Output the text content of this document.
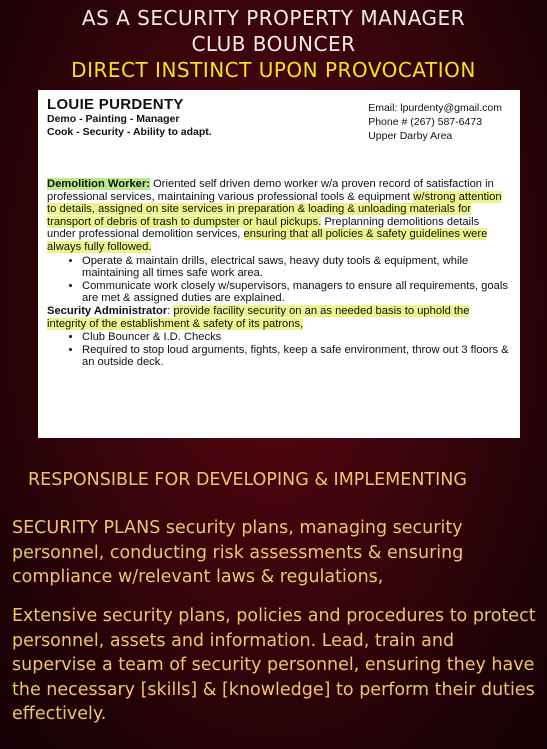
AS A SECURITY PROPERTY MANAGER
CLUB BOUNCER
DIRECT INSTINCT UPON PROVOCATION
LOUIE PURDENTY
Demo - Painting - Manager
Cook - Security - Ability to adapt.
Email: lpurdenty@gmail.com
Phone # (267) 587-6473
Upper Darby Area

Demolition Worker: Oriented self driven demo worker w/a proven record of satisfaction in professional services, maintaining various professional tools & equipment w/strong attention to details, assigned on site services in preparation & loading & unloading materials for transport of debris of trash to dumpster or haul pickups. Preplanning demolitions details under professional demolition services, ensuring that all policies & safety guidelines were always fully followed.

• Operate & maintain drills, electrical saws, heavy duty tools & equipment, while maintaining all times safe work area.
• Communicate work closely w/supervisors, managers to ensure all requirements, goals are met & assigned duties are explained.

Security Administrator: provide facility security on an as needed basis to uphold the integrity of the establishment & safety of its patrons,

• Club Bouncer & I.D. Checks
• Required to stop loud arguments, fights, keep a safe environment, throw out 3 floors & an outside deck.
RESPONSIBLE FOR DEVELOPING & IMPLEMENTING
SECURITY PLANS security plans, managing security personnel, conducting risk assessments & ensuring compliance w/relevant laws & regulations,
Extensive security plans, policies and procedures to protect personnel, assets and information. Lead, train and supervise a team of security personnel, ensuring they have the necessary [skills] & [knowledge] to perform their duties effectively.
